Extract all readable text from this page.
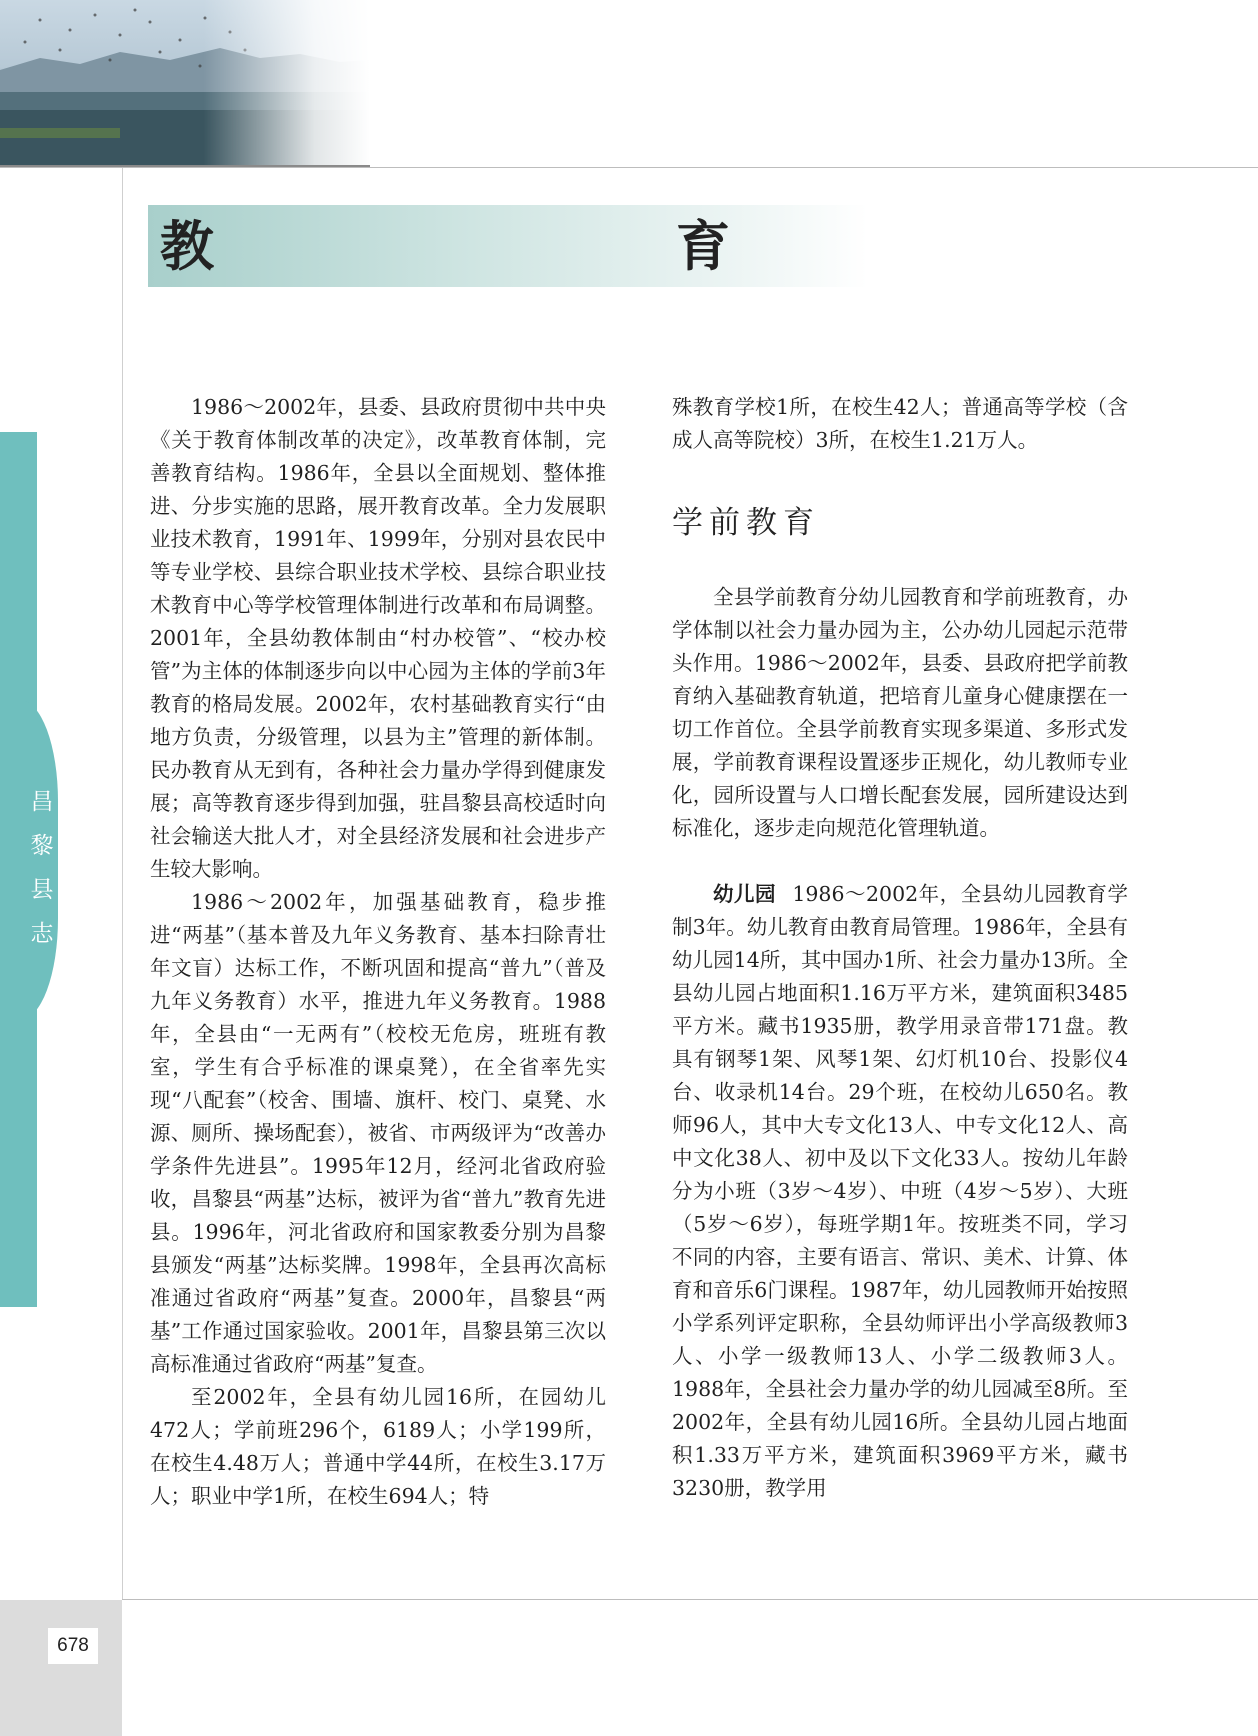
昌
黎
县
志
教　　育

1986～2002年，县委、县政府贯彻中共中央《关于教育体制改革的决定》，改革教育体制，完善教育结构。1986年，全县以全面规划、整体推进、分步实施的思路，展开教育改革。全力发展职业技术教育，1991年、1999年，分别对县农民中等专业学校、县综合职业技术学校、县综合职业技术教育中心等学校管理体制进行改革和布局调整。2001年，全县幼教体制由“村办校管”、“校办校管”为主体的体制逐步向以中心园为主体的学前3年教育的格局发展。2002年，农村基础教育实行“由地方负责，分级管理，以县为主”管理的新体制。民办教育从无到有，各种社会力量办学得到健康发展；高等教育逐步得到加强，驻昌黎县高校适时向社会输送大批人才，对全县经济发展和社会进步产生较大影响。

1986～2002年，加强基础教育，稳步推进“两基”（基本普及九年义务教育、基本扫除青壮年文盲）达标工作，不断巩固和提高“普九”（普及九年义务教育）水平，推进九年义务教育。1988年，全县由“一无两有”（校校无危房，班班有教室，学生有合乎标准的课桌凳），在全省率先实现“八配套”（校舍、围墙、旗杆、校门、桌凳、水源、厕所、操场配套），被省、市两级评为“改善办学条件先进县”。1995年12月，经河北省政府验收，昌黎县“两基”达标，被评为省“普九”教育先进县。1996年，河北省政府和国家教委分别为昌黎县颁发“两基”达标奖牌。1998年，全县再次高标准通过省政府“两基”复查。2000年，昌黎县“两基”工作通过国家验收。2001年，昌黎县第三次以高标准通过省政府“两基”复查。

至2002年，全县有幼儿园16所，在园幼儿472人；学前班296个，6189人；小学199所，在校生4.48万人；普通中学44所，在校生3.17万人；职业中学1所，在校生694人；特

殊教育学校1所，在校生42人；普通高等学校（含成人高等院校）3所，在校生1.21万人。

学前教育

全县学前教育分幼儿园教育和学前班教育，办学体制以社会力量办园为主，公办幼儿园起示范带头作用。1986～2002年，县委、县政府把学前教育纳入基础教育轨道，把培育儿童身心健康摆在一切工作首位。全县学前教育实现多渠道、多形式发展，学前教育课程设置逐步正规化，幼儿教师专业化，园所设置与人口增长配套发展，园所建设达到标准化，逐步走向规范化管理轨道。

幼儿园 1986～2002年，全县幼儿园教育学制3年。幼儿教育由教育局管理。1986年，全县有幼儿园14所，其中国办1所、社会力量办13所。全县幼儿园占地面积1.16万平方米，建筑面积3485平方米。藏书1935册，教学用录音带171盘。教具有钢琴1架、风琴1架、幻灯机10台、投影仪4台、收录机14台。29个班，在校幼儿650名。教师96人，其中大专文化13人、中专文化12人、高中文化38人、初中及以下文化33人。按幼儿年龄分为小班（3岁～4岁）、中班（4岁～5岁）、大班（5岁～6岁），每班学期1年。按班类不同，学习不同的内容，主要有语言、常识、美术、计算、体育和音乐6门课程。1987年，幼儿园教师开始按照小学系列评定职称，全县幼师评出小学高级教师3人、小学一级教师13人、小学二级教师3人。1988年，全县社会力量办学的幼儿园减至8所。至2002年，全县有幼儿园16所。全县幼儿园占地面积1.33万平方米，建筑面积3969平方米，藏书3230册，教学用

678
